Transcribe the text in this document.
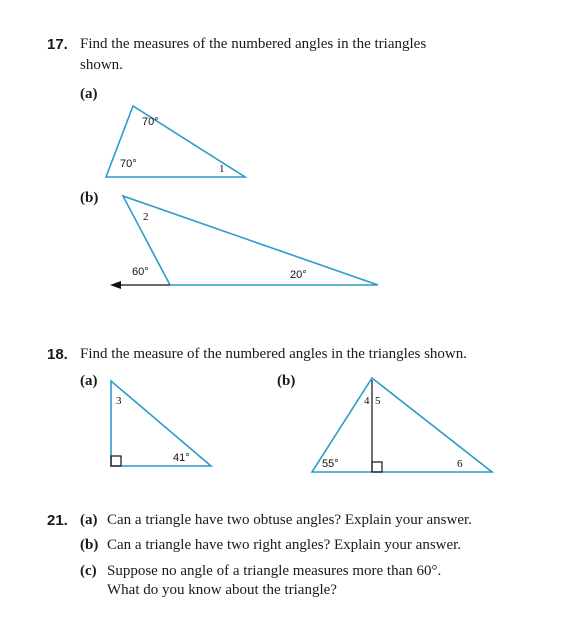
17. Find the measures of the numbered angles in the triangles
shown.
(a)
(b)
18. Find the measure of the numbered angles in the triangles shown.
(a)	(b)
21. (a) Can a triangle have two obtuse angles? Explain your answer.
(b) Can a triangle have two right angles? Explain your answer.
(c) Suppose no angle of a triangle measures more than 60°.
What do you know about the triangle?
70°
70°	1
2
60°	20°
3
41°
4 5
55°	6
